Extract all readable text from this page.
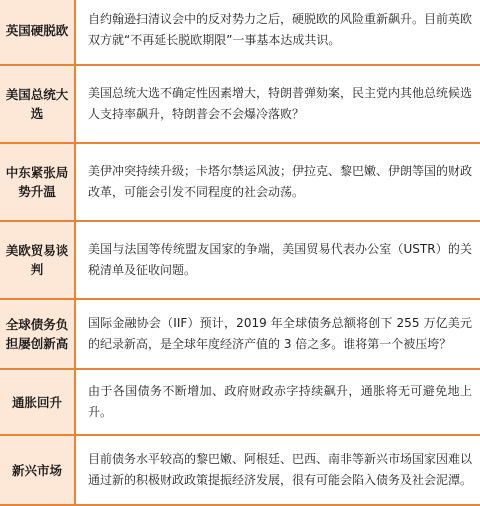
英国硬脱欧
自约翰逊扫清议会中的反对势力之后，硬脱欧的风险重新飙升。目前英欧双方就“不再延长脱欧期限”一事基本达成共识。
美国总统大选
美国总统大选不确定性因素增大，特朗普弹劾案，民主党内其他总统候选人支持率飙升，特朗普会不会爆冷落败？
中东紧张局势升温
美伊冲突持续升级；卡塔尔禁运风波；伊拉克、黎巴嫩、伊朗等国的财政改革，可能会引发不同程度的社会动荡。
美欧贸易谈判
美国与法国等传统盟友国家的争端，美国贸易代表办公室（USTR）的关税清单及征收问题。
全球债务负担屡创新高
国际金融协会（IIF）预计，2019 年全球债务总额将创下 255 万亿美元的纪录新高，是全球年度经济产值的 3 倍之多。谁将第一个被压垮？
通胀回升
由于各国债务不断增加、政府财政赤字持续飙升，通胀将无可避免地上升。
新兴市场
目前债务水平较高的黎巴嫩、阿根廷、巴西、南非等新兴市场国家因难以通过新的积极财政政策提振经济发展，很有可能会陷入债务及社会泥潭。
